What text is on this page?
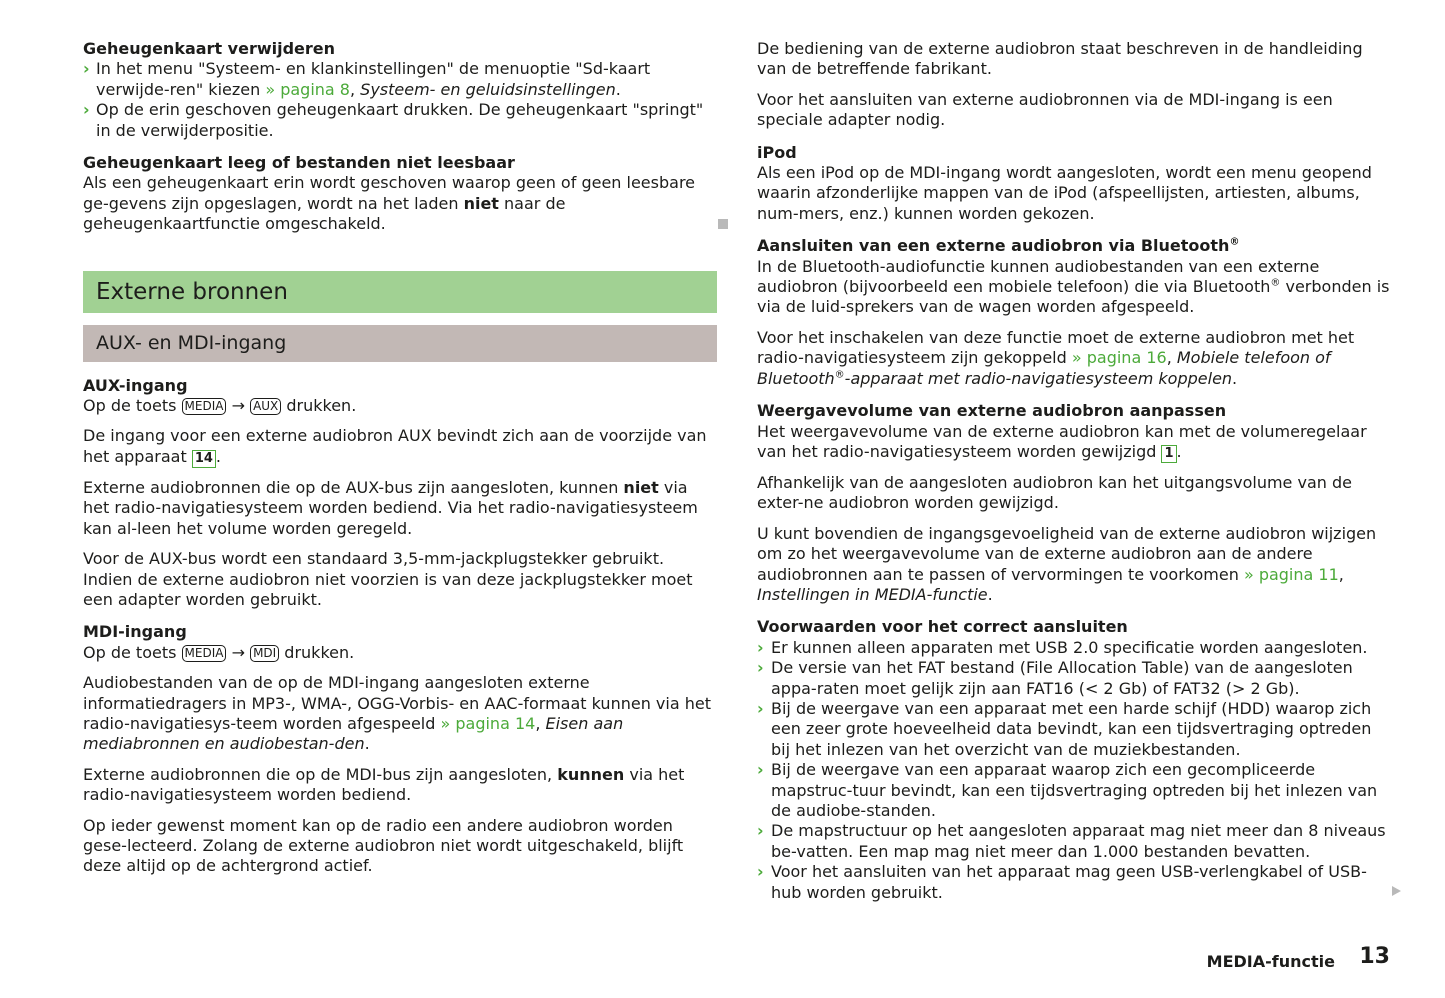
Geheugenkaart verwijderen
› In het menu "Systeem- en klankinstellingen" de menuoptie "Sd-kaart verwijde-ren" kiezen » pagina 8, Systeem- en geluidsinstellingen.
› Op de erin geschoven geheugenkaart drukken. De geheugenkaart "springt" in de verwijderpositie.
Geheugenkaart leeg of bestanden niet leesbaar
Als een geheugenkaart erin wordt geschoven waarop geen of geen leesbare ge-gevens zijn opgeslagen, wordt na het laden niet naar de geheugenkaartfunctie omgeschakeld.
Externe bronnen
AUX- en MDI-ingang
AUX-ingang

Op de toets MEDIA → AUX drukken.

De ingang voor een externe audiobron AUX bevindt zich aan de voorzijde van het apparaat 14 .

Externe audiobronnen die op de AUX-bus zijn aangesloten, kunnen niet via het radio-navigatiesysteem worden bediend. Via het radio-navigatiesysteem kan al-leen het volume worden geregeld.

Voor de AUX-bus wordt een standaard 3,5-mm-jackplugstekker gebruikt. Indien de externe audiobron niet voorzien is van deze jackplugstekker moet een adapter worden gebruikt.

MDI-ingang

Op de toets MEDIA → MDI drukken.

Audiobestanden van de op de MDI-ingang aangesloten externe informatiedragers in MP3-, WMA-, OGG-Vorbis- en AAC-formaat kunnen via het radio-navigatiesys-teem worden afgespeeld » pagina 14, Eisen aan mediabronnen en audiobestan-den.

Externe audiobronnen die op de MDI-bus zijn aangesloten, kunnen via het radio-navigatiesysteem worden bediend.

Op ieder gewenst moment kan op de radio een andere audiobron worden gese-lecteerd. Zolang de externe audiobron niet wordt uitgeschakeld, blijft deze altijd op de achtergrond actief.

De bediening van de externe audiobron staat beschreven in de handleiding van de betreffende fabrikant.

Voor het aansluiten van externe audiobronnen via de MDI-ingang is een speciale adapter nodig.

iPod
Als een iPod op de MDI-ingang wordt aangesloten, wordt een menu geopend waarin afzonderlijke mappen van de iPod (afspeellijsten, artiesten, albums, num-mers, enz.) kunnen worden gekozen.
Aansluiten van een externe audiobron via Bluetooth®

In de Bluetooth-audiofunctie kunnen audiobestanden van een externe audiobron (bijvoorbeeld een mobiele telefoon) die via Bluetooth® verbonden is via de luid-sprekers van de wagen worden afgespeeld.

Voor het inschakelen van deze functie moet de externe audiobron met het radio-navigatiesysteem zijn gekoppeld » pagina 16, Mobiele telefoon of Bluetooth®-apparaat met radio-navigatiesysteem koppelen.

Weergavevolume van externe audiobron aanpassen

Het weergavevolume van de externe audiobron kan met de volumeregelaar van het radio-navigatiesysteem worden gewijzigd 1 .

Afhankelijk van de aangesloten audiobron kan het uitgangsvolume van de exter-ne audiobron worden gewijzigd.

U kunt bovendien de ingangsgevoeligheid van de externe audiobron wijzigen om zo het weergavevolume van de externe audiobron aan de andere audiobronnen aan te passen of vervormingen te voorkomen » pagina 11, Instellingen in MEDIA-functie.

Voorwaarden voor het correct aansluiten
› Er kunnen alleen apparaten met USB 2.0 specificatie worden aangesloten.
› De versie van het FAT bestand (File Allocation Table) van de aangesloten appa-raten moet gelijk zijn aan FAT16 (< 2 Gb) of FAT32 (> 2 Gb).
› Bij de weergave van een apparaat met een harde schijf (HDD) waarop zich een zeer grote hoeveelheid data bevindt, kan een tijdsvertraging optreden bij het inlezen van het overzicht van de muziekbestanden.
› Bij de weergave van een apparaat waarop zich een gecompliceerde mapstruc-tuur bevindt, kan een tijdsvertraging optreden bij het inlezen van de audiobe-standen.
› De mapstructuur op het aangesloten apparaat mag niet meer dan 8 niveaus be-vatten. Een map mag niet meer dan 1.000 bestanden bevatten.
› Voor het aansluiten van het apparaat mag geen USB-verlengkabel of USB-hub worden gebruikt.
MEDIA-functie 13
